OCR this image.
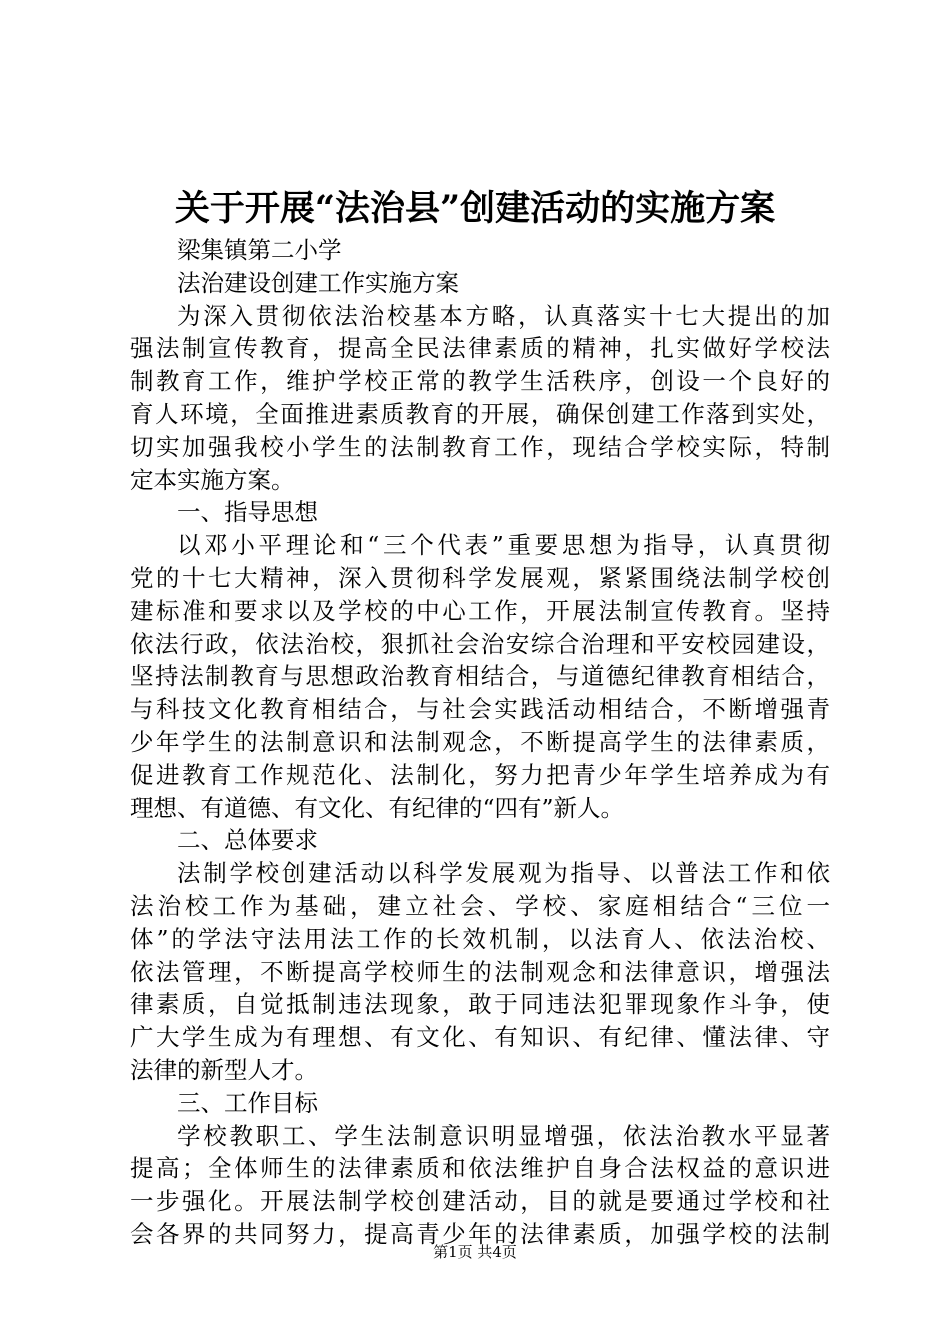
关于开展“法治县”创建活动的实施方案
梁集镇第二小学
法治建设创建工作实施方案
为深入贯彻依法治校基本方略，认真落实十七大提出的加
强法制宣传教育，提高全民法律素质的精神，扎实做好学校法
制教育工作，维护学校正常的教学生活秩序，创设一个良好的
育人环境，全面推进素质教育的开展，确保创建工作落到实处，
切实加强我校小学生的法制教育工作，现结合学校实际，特制
定本实施方案。
一、指导思想
以邓小平理论和“三个代表”重要思想为指导，认真贯彻
党的十七大精神，深入贯彻科学发展观，紧紧围绕法制学校创
建标准和要求以及学校的中心工作，开展法制宣传教育。坚持
依法行政，依法治校，狠抓社会治安综合治理和平安校园建设，
坚持法制教育与思想政治教育相结合，与道德纪律教育相结合，
与科技文化教育相结合，与社会实践活动相结合，不断增强青
少年学生的法制意识和法制观念，不断提高学生的法律素质，
促进教育工作规范化、法制化，努力把青少年学生培养成为有
理想、有道德、有文化、有纪律的“四有”新人。
二、总体要求
法制学校创建活动以科学发展观为指导、以普法工作和依
法治校工作为基础，建立社会、学校、家庭相结合“三位一
体”的学法守法用法工作的长效机制，以法育人、依法治校、
依法管理，不断提高学校师生的法制观念和法律意识，增强法
律素质，自觉抵制违法现象，敢于同违法犯罪现象作斗争，使
广大学生成为有理想、有文化、有知识、有纪律、懂法律、守
法律的新型人才。
三、工作目标
学校教职工、学生法制意识明显增强，依法治教水平显著
提高；全体师生的法律素质和依法维护自身合法权益的意识进
一步强化。开展法制学校创建活动，目的就是要通过学校和社
会各界的共同努力，提高青少年的法律素质，加强学校的法制
第1页 共4页
